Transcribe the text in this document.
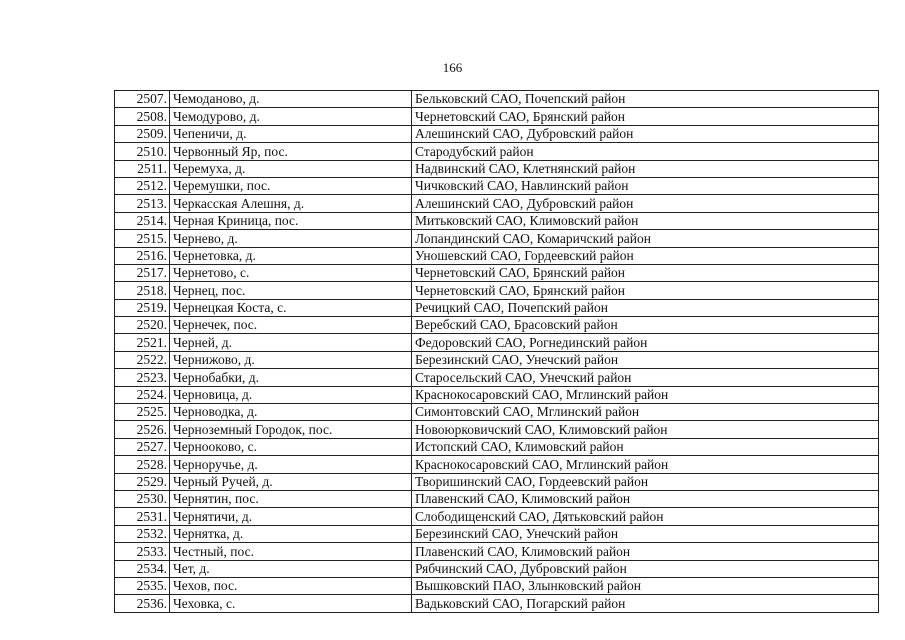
166
2507.	Чемоданово, д.	Бельковский САО, Почепский район
2508.	Чемодурово, д.	Чернетовский САО, Брянский район
2509.	Чепеничи, д.	Алешинский САО, Дубровский район
2510.	Червонный Яр, пос.	Стародубский район
2511.	Черемуха, д.	Надвинский САО, Клетнянский район
2512.	Черемушки, пос.	Чичковский САО, Навлинский район
2513.	Черкасская Алешня, д.	Алешинский САО, Дубровский район
2514.	Черная Криница, пос.	Митьковский САО, Климовский район
2515.	Чернево, д.	Лопандинский САО, Комаричский район
2516.	Чернетовка, д.	Уношевский САО, Гордеевский район
2517.	Чернетово, с.	Чернетовский САО, Брянский район
2518.	Чернец, пос.	Чернетовский САО, Брянский район
2519.	Чернецкая Коста, с.	Речицкий САО, Почепский район
2520.	Чернечек, пос.	Веребский САО, Брасовский район
2521.	Черней, д.	Федоровский САО, Рогнединский район
2522.	Чернижово, д.	Березинский САО, Унечский район
2523.	Чернобабки, д.	Старосельский САО, Унечский район
2524.	Черновица, д.	Краснокосаровский САО, Мглинский район
2525.	Черноводка, д.	Симонтовский САО, Мглинский район
2526.	Черноземный Городок, пос.	Новоюрковичский САО, Климовский район
2527.	Чернооково, с.	Истопский САО, Климовский район
2528.	Черноручье, д.	Краснокосаровский САО, Мглинский район
2529.	Черный Ручей, д.	Творишинский САО, Гордеевский район
2530.	Чернятин, пос.	Плавенский САО, Климовский район
2531.	Чернятичи, д.	Слободищенский САО, Дятьковский район
2532.	Чернятка, д.	Березинский САО, Унечский район
2533.	Честный, пос.	Плавенский САО, Климовский район
2534.	Чет, д.	Рябчинский САО, Дубровский район
2535.	Чехов, пос.	Вышковский ПАО, Злынковский район
2536.	Чеховка, с.	Вадьковский САО, Погарский район
